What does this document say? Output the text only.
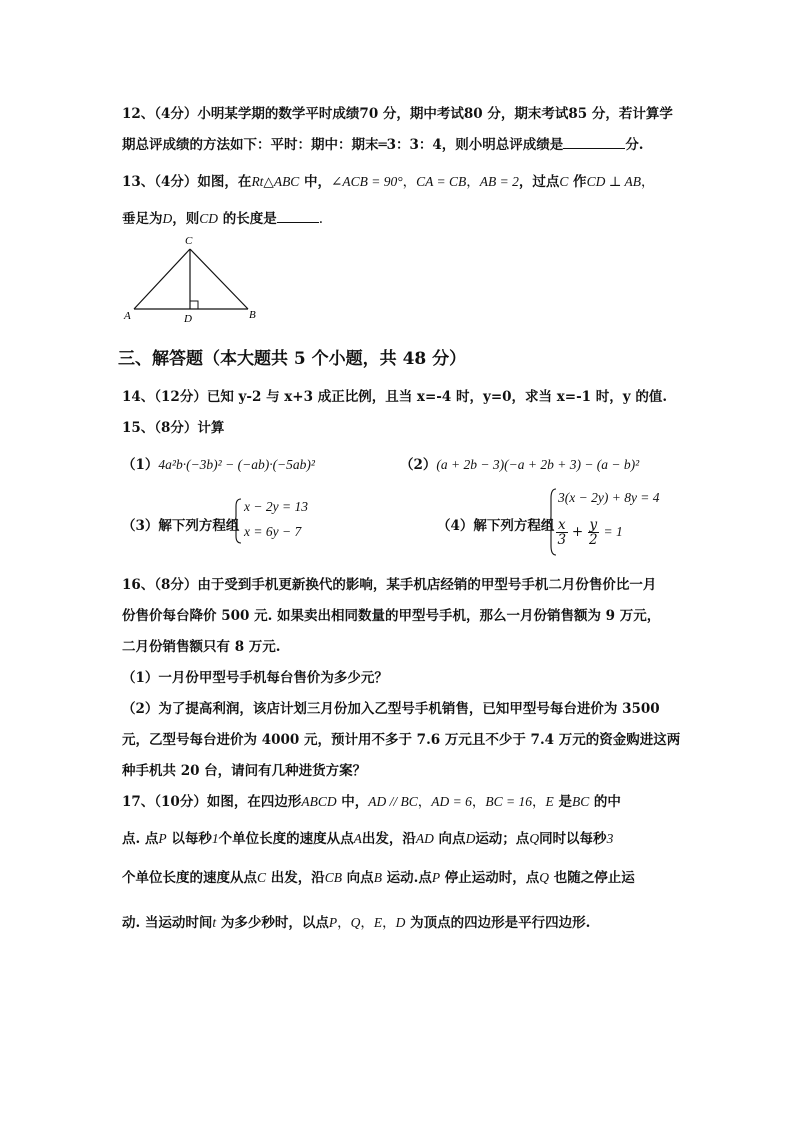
12、（4分）小明某学期的数学平时成绩70 分，期中考试80 分，期末考试85 分，若计算学
期总评成绩的方法如下：平时：期中：期末═3：3：4，则小明总评成绩是	分.
13、（4分）如图，在Rt△ABC 中，∠ACB = 90°，CA = CB，AB = 2，过点C 作CD ⊥ AB，
垂足为D，则CD 的长度是	.
A	B
C
D
三、解答题（本大题共 5 个小题，共 48 分）
14、（12分）已知 y-2 与 x+3 成正比例，且当 x=-4 时，y=0，求当 x=-1 时，y 的值.
15、（8分）计算
（1）4a²b·(−3b)² − (−ab)·(−5ab)²	（2）(a + 2b − 3)(−a + 2b + 3) − (a − b)²
（3）解下列方程组
x − 2y = 13
x = 6y − 7	（4）解下列方程组
3(x − 2y) + 8y = 4
$\frac{x}{3} + \frac{y}{2} = 1$
16、（8分）由于受到手机更新换代的影响，某手机店经销的甲型号手机二月份售价比一月
份售价每台降价 500 元. 如果卖出相同数量的甲型号手机，那么一月份销售额为 9 万元，
二月份销售额只有 8 万元.
（1）一月份甲型号手机每台售价为多少元？
（2）为了提高利润，该店计划三月份加入乙型号手机销售，已知甲型号每台进价为 3500
元，乙型号每台进价为 4000 元，预计用不多于 7.6 万元且不少于 7.4 万元的资金购进这两
种手机共 20 台，请问有几种进货方案？
17、（10分）如图，在四边形ABCD 中，AD // BC，AD = 6，BC = 16，E 是BC 的中
点. 点P 以每秒1个单位长度的速度从点A出发，沿AD 向点D运动；点Q同时以每秒3
个单位长度的速度从点C 出发，沿CB 向点B 运动.点P 停止运动时，点Q 也随之停止运
动. 当运动时间t 为多少秒时，以点P，Q，E，D 为顶点的四边形是平行四边形.
